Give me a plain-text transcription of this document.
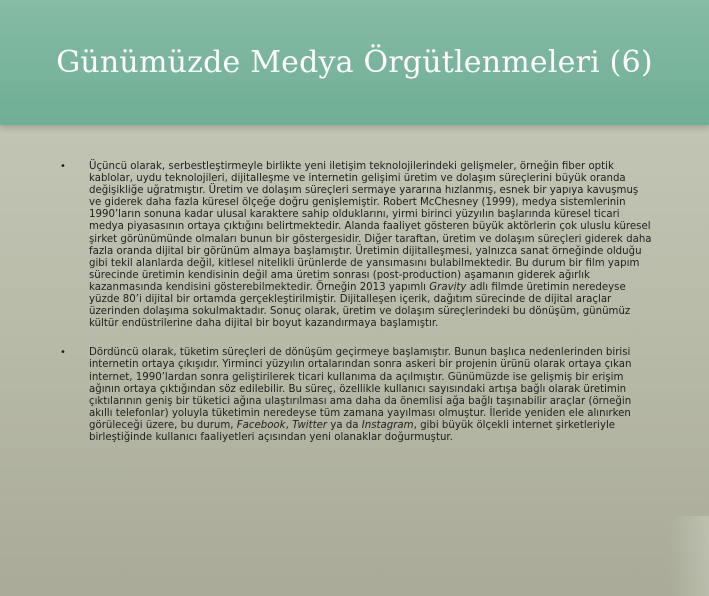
Günümüzde Medya Örgütlenmeleri (6)
• Üçüncü olarak, serbestleştirmeyle birlikte yeni iletişim teknolojilerindeki gelişmeler, örneğin fiber optik kablolar, uydu teknolojileri, dijitalleşme ve internetin gelişimi üretim ve dolaşım süreçlerini büyük oranda değişikliğe uğratmıştır. Üretim ve dolaşım süreçleri sermaye yararına hızlanmış, esnek bir yapıya kavuşmuş ve giderek daha fazla küresel ölçeğe doğru genişlemiştir. Robert McChesney (1999), medya sistemlerinin 1990’ların sonuna kadar ulusal karaktere sahip olduklarını, yirmi birinci yüzyılın başlarında küresel ticari medya piyasasının ortaya çıktığını belirtmektedir. Alanda faaliyet gösteren büyük aktörlerin çok uluslu küresel şirket görünümünde olmaları bunun bir göstergesidir. Diğer taraftan, üretim ve dolaşım süreçleri giderek daha fazla oranda dijital bir görünüm almaya başlamıştır. Üretimin dijitalleşmesi, yalnızca sanat örneğinde olduğu gibi tekil alanlarda değil, kitlesel nitelikli ürünlerde de yansımasını bulabilmektedir. Bu durum bir film yapım sürecinde üretimin kendisinin değil ama üretim sonrası (post-production) aşamanın giderek ağırlık kazanmasında kendisini gösterebilmektedir. Örneğin 2013 yapımlı Gravity adlı filmde üretimin neredeyse yüzde 80’i dijital bir ortamda gerçekleştirilmiştir. Dijitalleşen içerik, dağıtım sürecinde de dijital araçlar üzerinden dolaşıma sokulmaktadır. Sonuç olarak, üretim ve dolaşım süreçlerindeki bu dönüşüm, günümüz kültür endüstrilerine daha dijital bir boyut kazandırmaya başlamıştır.
• Dördüncü olarak, tüketim süreçleri de dönüşüm geçirmeye başlamıştır. Bunun başlıca nedenlerinden birisi internetin ortaya çıkışıdır. Yirminci yüzyılın ortalarından sonra askeri bir projenin ürünü olarak ortaya çıkan internet, 1990’lardan sonra geliştirilerek ticari kullanıma da açılmıştır. Günümüzde ise gelişmiş bir erişim ağının ortaya çıktığından söz edilebilir. Bu süreç, özellikle kullanıcı sayısındaki artışa bağlı olarak üretimin çıktılarının geniş bir tüketici ağına ulaştırılması ama daha da önemlisi ağa bağlı taşınabilir araçlar (örneğin akıllı telefonlar) yoluyla tüketimin neredeyse tüm zamana yayılması olmuştur. İleride yeniden ele alınırken görüleceği üzere, bu durum, Facebook, Twitter ya da Instagram, gibi büyük ölçekli internet şirketleriyle birleştiğinde kullanıcı faaliyetleri açısından yeni olanaklar doğurmuştur.
